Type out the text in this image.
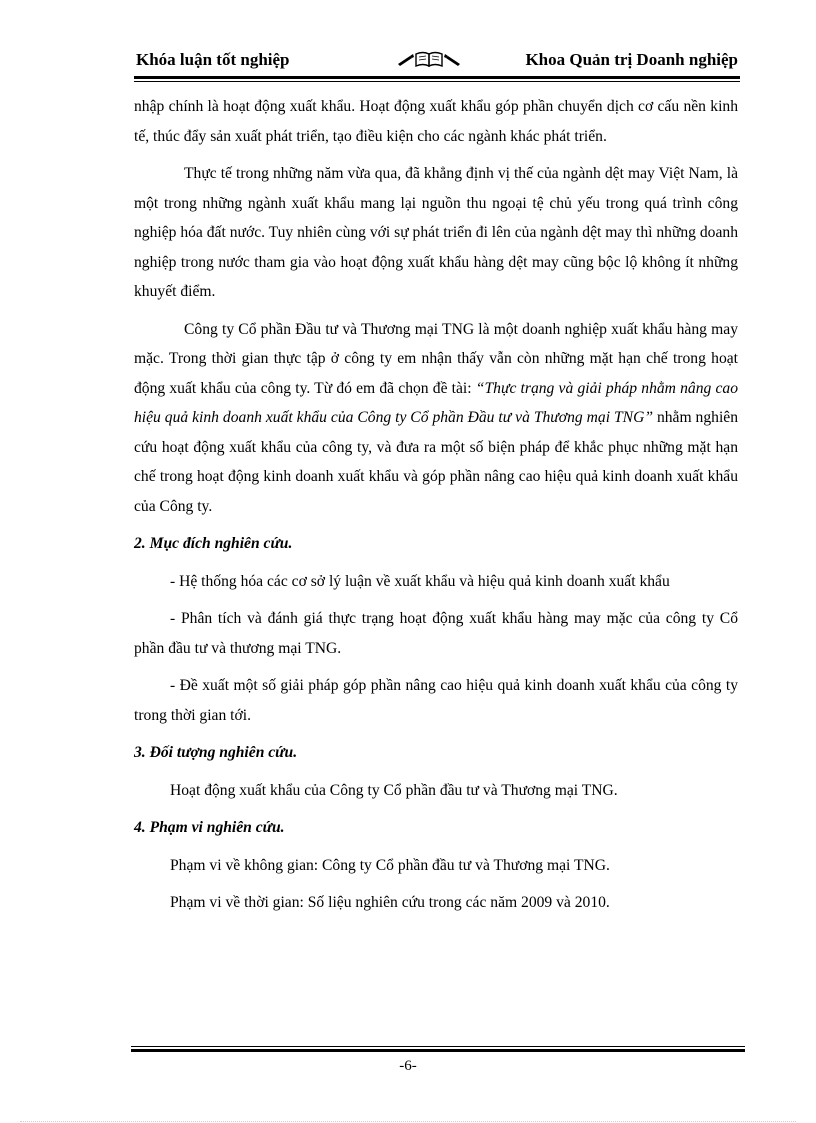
Khóa luận tốt nghiệp	Khoa Quản trị Doanh nghiệp

nhập chính là hoạt động xuất khẩu. Hoạt động xuất khẩu góp phần chuyển dịch cơ cấu nền kinh tế, thúc đẩy sản xuất phát triển, tạo điều kiện cho các ngành khác phát triển.

Thực tế trong những năm vừa qua, đã khẳng định vị thế của ngành dệt may Việt Nam, là một trong những ngành xuất khẩu mang lại nguồn thu ngoại tệ chủ yếu trong quá trình công nghiệp hóa đất nước. Tuy nhiên cùng với sự phát triển đi lên của ngành dệt may thì những doanh nghiệp trong nước tham gia vào hoạt động xuất khẩu hàng dệt may cũng bộc lộ không ít những khuyết điểm.

Công ty Cổ phần Đầu tư và Thương mại TNG là một doanh nghiệp xuất khẩu hàng may mặc. Trong thời gian thực tập ở công ty em nhận thấy vẫn còn những mặt hạn chế trong hoạt động xuất khẩu của công ty. Từ đó em đã chọn đề tài: “Thực trạng và giải pháp nhằm nâng cao hiệu quả kinh doanh xuất khẩu của Công ty Cổ phần Đầu tư và Thương mại TNG” nhằm nghiên cứu hoạt động xuất khẩu của công ty, và đưa ra một số biện pháp để khắc phục những mặt hạn chế trong hoạt động kinh doanh xuất khẩu và góp phần nâng cao hiệu quả kinh doanh xuất khẩu của Công ty.

2. Mục đích nghiên cứu.

- Hệ thống hóa các cơ sở lý luận về xuất khẩu và hiệu quả kinh doanh xuất khẩu

- Phân tích và đánh giá thực trạng hoạt động xuất khẩu hàng may mặc của công ty Cổ phần đầu tư và thương mại TNG.

- Đề xuất một số giải pháp góp phần nâng cao hiệu quả kinh doanh xuất khẩu của công ty trong thời gian tới.

3. Đối tượng nghiên cứu.

Hoạt động xuất khẩu của Công ty Cổ phần đầu tư và Thương mại TNG.

4. Phạm vi nghiên cứu.

Phạm vi về không gian: Công ty Cổ phần đầu tư và Thương mại TNG.

Phạm vi về thời gian: Số liệu nghiên cứu trong các năm 2009 và 2010.

-6-
